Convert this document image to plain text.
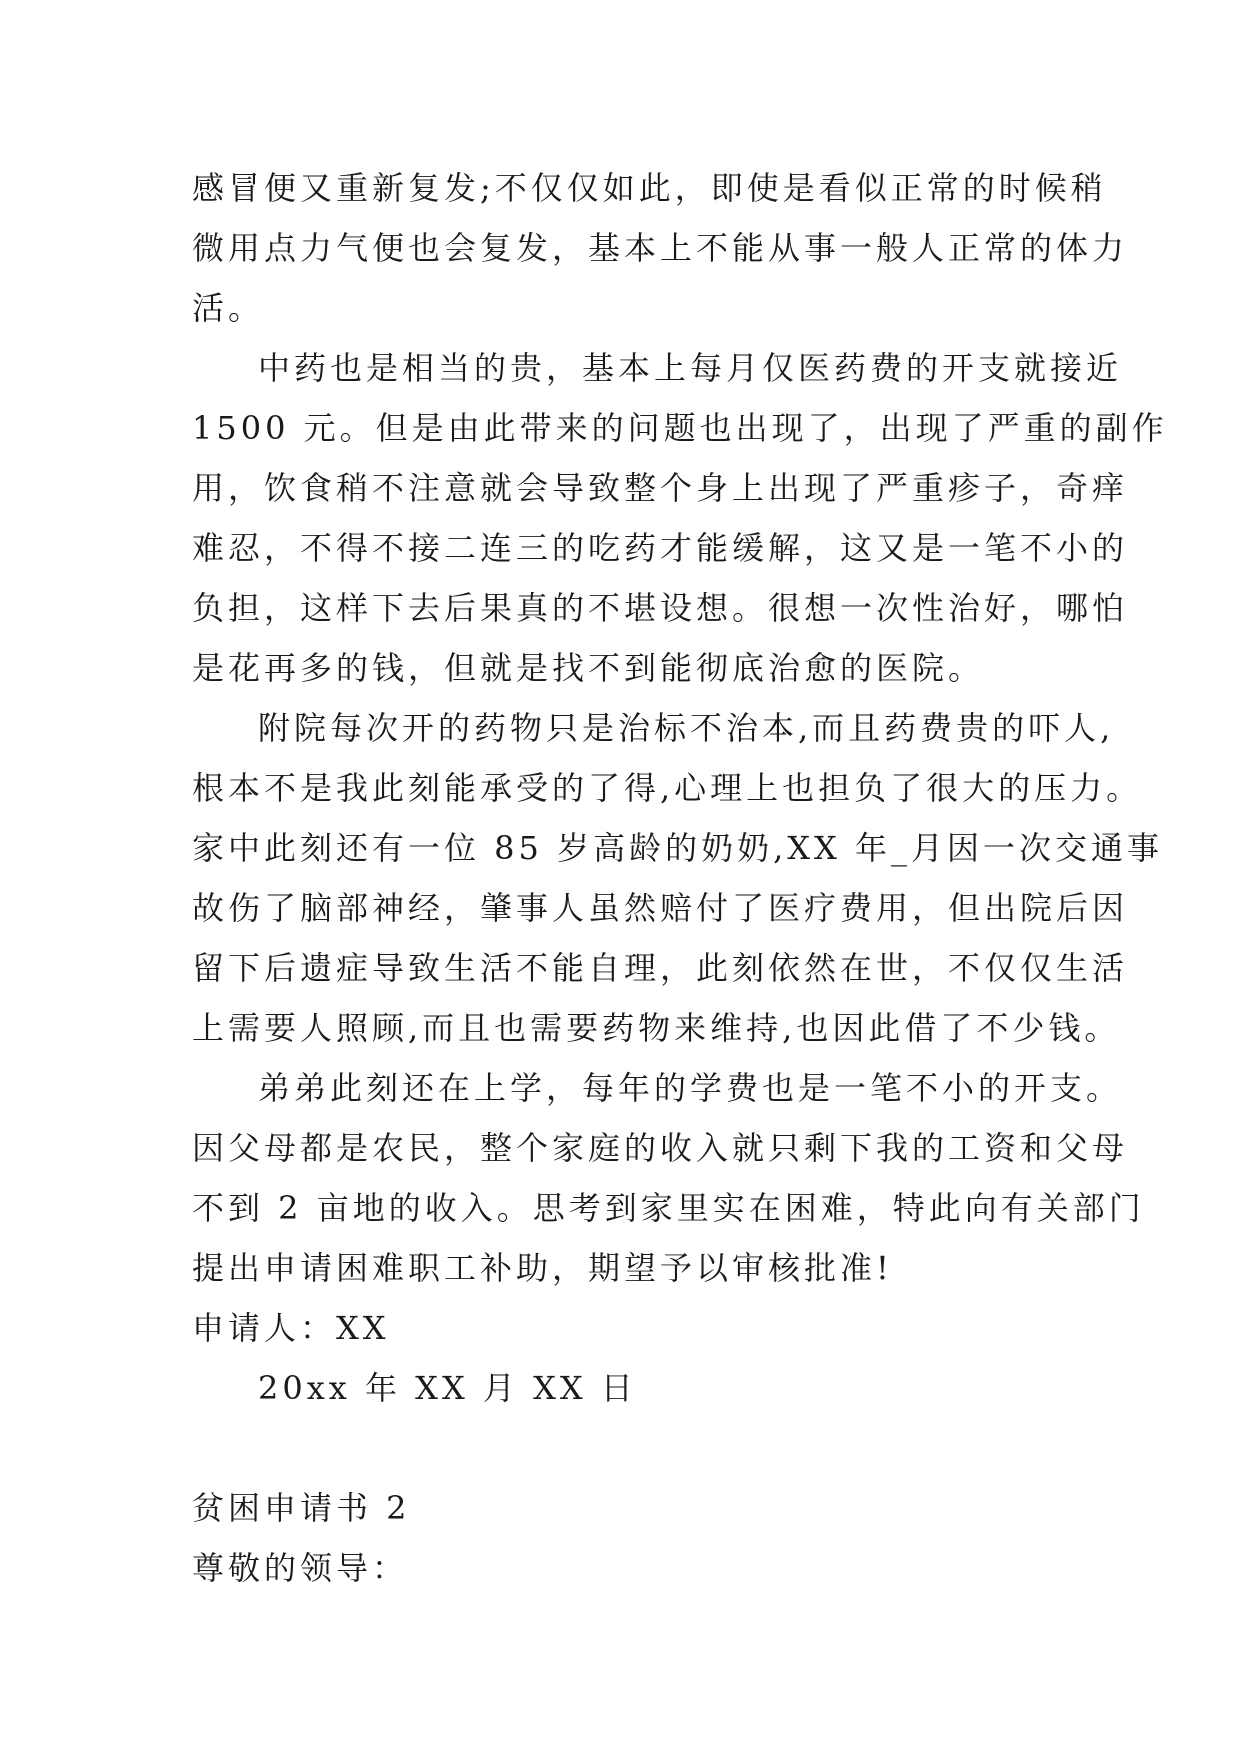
感冒便又重新复发;不仅仅如此，即使是看似正常的时候稍
微用点力气便也会复发，基本上不能从事一般人正常的体力
活。
中药也是相当的贵，基本上每月仅医药费的开支就接近
1500 元。但是由此带来的问题也出现了，出现了严重的副作
用，饮食稍不注意就会导致整个身上出现了严重疹子，奇痒
难忍，不得不接二连三的吃药才能缓解，这又是一笔不小的
负担，这样下去后果真的不堪设想。很想一次性治好，哪怕
是花再多的钱，但就是找不到能彻底治愈的医院。
附院每次开的药物只是治标不治本,而且药费贵的吓人,
根本不是我此刻能承受的了得,心理上也担负了很大的压力。
家中此刻还有一位 85 岁高龄的奶奶,XX 年_月因一次交通事
故伤了脑部神经，肇事人虽然赔付了医疗费用，但出院后因
留下后遗症导致生活不能自理，此刻依然在世，不仅仅生活
上需要人照顾,而且也需要药物来维持,也因此借了不少钱。
弟弟此刻还在上学，每年的学费也是一笔不小的开支。
因父母都是农民，整个家庭的收入就只剩下我的工资和父母
不到 2 亩地的收入。思考到家里实在困难，特此向有关部门
提出申请困难职工补助，期望予以审核批准!
申请人：XX
20xx 年 XX 月 XX 日
贫困申请书 2
尊敬的领导：
